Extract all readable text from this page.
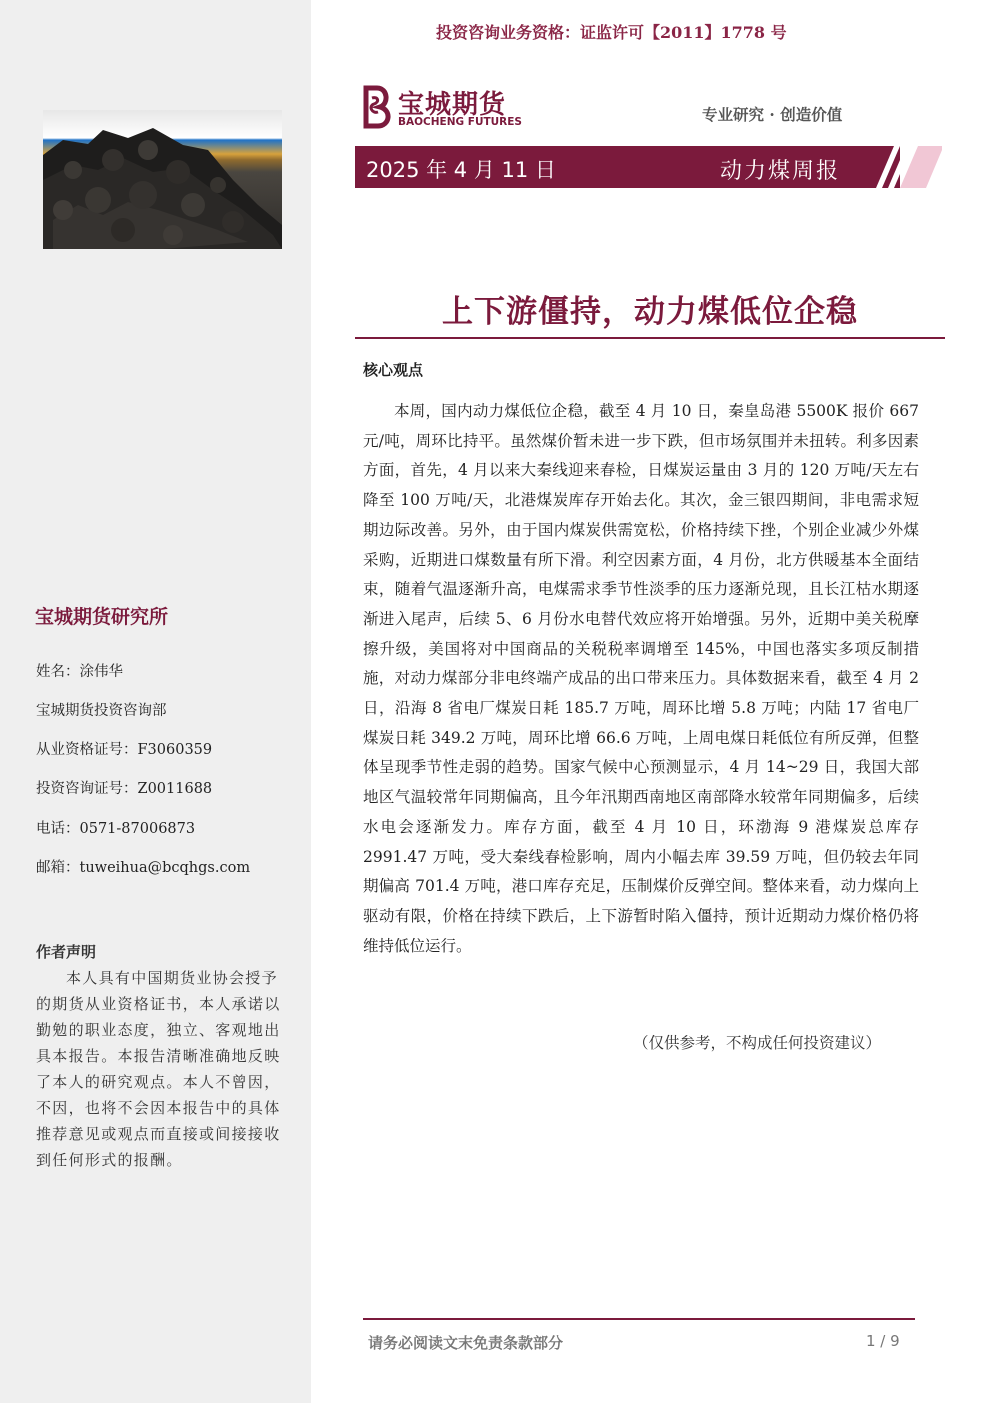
宝城期货研究所
姓名：涂伟华
宝城期货投资咨询部
从业资格证号：F3060359
投资咨询证号：Z0011688
电话：0571-87006873
邮箱：tuweihua@bcqhgs.com
作者声明
本人具有中国期货业协会授予的期货从业资格证书，本人承诺以勤勉的职业态度，独立、客观地出具本报告。本报告清晰准确地反映了本人的研究观点。本人不曾因，不因，也将不会因本报告中的具体推荐意见或观点而直接或间接接收到任何形式的报酬。
投资咨询业务资格：证监许可【2011】1778 号
宝城期货
BAOCHENG FUTURES	专业研究 · 创造价值
2025 年 4 月 11 日	动力煤周报
上下游僵持，动力煤低位企稳
核心观点
本周，国内动力煤低位企稳，截至 4 月 10 日，秦皇岛港 5500K 报价 667 元/吨，周环比持平。虽然煤价暂未进一步下跌，但市场氛围并未扭转。利多因素方面，首先，4 月以来大秦线迎来春检，日煤炭运量由 3 月的 120 万吨/天左右降至 100 万吨/天，北港煤炭库存开始去化。其次，金三银四期间，非电需求短期边际改善。另外，由于国内煤炭供需宽松，价格持续下挫，个别企业减少外煤采购，近期进口煤数量有所下滑。利空因素方面，4 月份，北方供暖基本全面结束，随着气温逐渐升高，电煤需求季节性淡季的压力逐渐兑现，且长江枯水期逐渐进入尾声，后续 5、6 月份水电替代效应将开始增强。另外，近期中美关税摩擦升级，美国将对中国商品的关税税率调增至 145%，中国也落实多项反制措施，对动力煤部分非电终端产成品的出口带来压力。具体数据来看，截至 4 月 2 日，沿海 8 省电厂煤炭日耗 185.7 万吨，周环比增 5.8 万吨；内陆 17 省电厂煤炭日耗 349.2 万吨，周环比增 66.6 万吨，上周电煤日耗低位有所反弹，但整体呈现季节性走弱的趋势。国家气候中心预测显示，4 月 14~29 日，我国大部地区气温较常年同期偏高，且今年汛期西南地区南部降水较常年同期偏多，后续水电会逐渐发力。库存方面，截至 4 月 10 日，环渤海 9 港煤炭总库存 2991.47 万吨，受大秦线春检影响，周内小幅去库 39.59 万吨，但仍较去年同期偏高 701.4 万吨，港口库存充足，压制煤价反弹空间。整体来看，动力煤向上驱动有限，价格在持续下跌后，上下游暂时陷入僵持，预计近期动力煤价格仍将维持低位运行。
（仅供参考，不构成任何投资建议）
请务必阅读文末免责条款部分	1 / 9
